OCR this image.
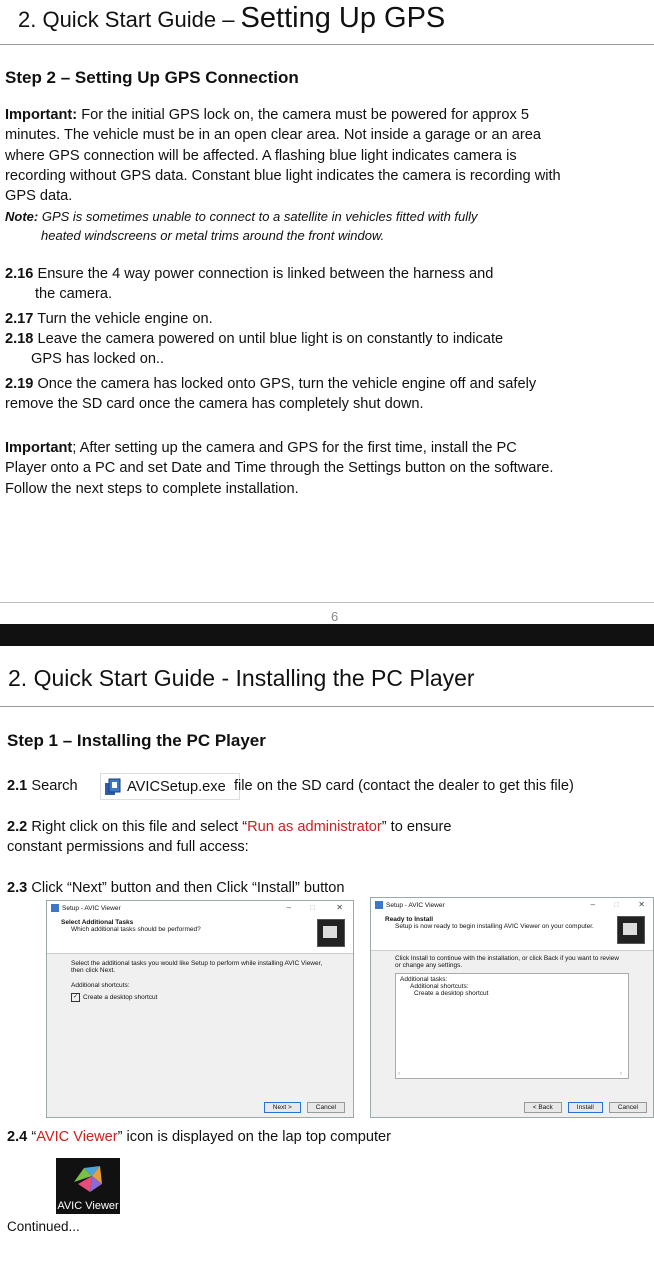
2. Quick Start Guide – Setting Up GPS
Step 2 – Setting Up GPS Connection
Important: For the initial GPS lock on, the camera must be powered for approx 5 minutes. The vehicle must be in an open clear area. Not inside a garage or an area where GPS connection will be affected. A flashing blue light indicates camera is recording without GPS data. Constant blue light indicates the camera is recording with GPS data.
Note: GPS is sometimes unable to connect to a satellite in vehicles fitted with fully
heated windscreens or metal trims around the front window.
2.16 Ensure the 4 way power connection is linked between the harness and
the camera.
2.17 Turn the vehicle engine on.
2.18 Leave the camera powered on until blue light is on constantly to indicate
GPS has locked on..
2.19 Once the camera has locked onto GPS, turn the vehicle engine off and safely remove the SD card once the camera has completely shut down.
Important; After setting up the camera and GPS for the first time, install the PC Player onto a PC and set Date and Time through the Settings button on the software. Follow the next steps to complete installation.
6
2. Quick Start Guide - Installing the PC Player
Step 1 – Installing the PC Player
2.1 Search	AVICSetup.exe file on the SD card (contact the dealer to get this file)
2.2 Right click on this file and select “Run as administrator” to ensure constant permissions and full access:
2.3 Click “Next” button and then Click “Install” button
Setup - AVIC Viewer	– □	✕
Select Additional Tasks
Which additional tasks should be performed?
Select the additional tasks you would like Setup to perform while installing AVIC Viewer, then click Next.
Additional shortcuts:
✓ Create a desktop shortcut
Next >	Cancel
Setup - AVIC Viewer	– □ ✕
Ready to Install
Setup is now ready to begin installing AVIC Viewer on your computer.
Click Install to continue with the installation, or click Back if you want to review or change any settings.
Additional tasks:
Additional shortcuts:
Create a desktop shortcut
‹	›
< Back	Install	Cancel
2.4 “AVIC Viewer” icon is displayed on the lap top computer
AVIC Viewer
Continued...
